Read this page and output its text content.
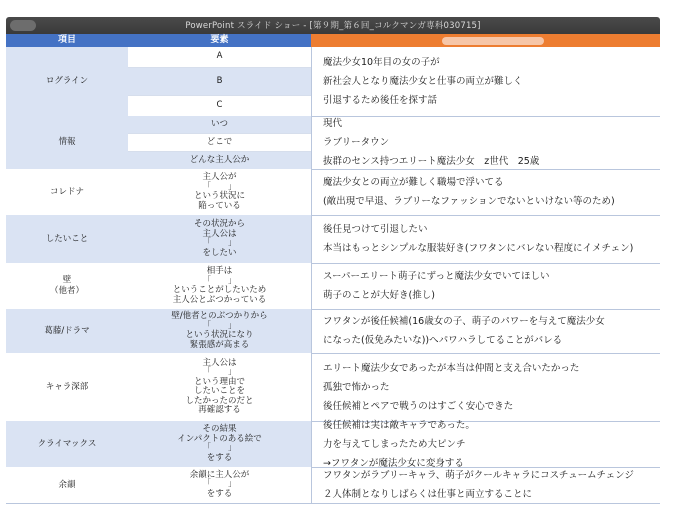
PowerPoint スライド ショー - [第９期_第６回_コルクマンガ専科030715]
項目	要素
ログライン
A
B
C
魔法少女10年目の女の子が
新社会人となり魔法少女と仕事の両立が難しく
引退するため後任を探す話
情報
いつ
どこで
どんな主人公か
現代
ラブリータウン
抜群のセンス持つエリート魔法少女　z世代　25歳
コレドナ
主人公が
「　　」
という状況に
陥っている
魔法少女との両立が難しく職場で浮いてる
(敵出現で早退、ラブリーなファッションでないといけない等のため)
したいこと
その状況から
主人公は
「　　」
をしたい
後任見つけて引退したい
本当はもっとシンプルな服装好き(フワタンにバレない程度にイメチェン)
壁
（他者）
相手は
「　　」
ということがしたいため
主人公とぶつかっている
スーパーエリート萌子にずっと魔法少女でいてほしい
萌子のことが大好き(推し)
葛藤/ドラマ
壁/他者とのぶつかりから
「　　」
という状況になり
緊張感が高まる
フワタンが後任候補(16歳女の子、萌子のパワーを与えて魔法少女
になった(仮免みたいな))へパワハラしてることがバレる
キャラ深部
主人公は
「　　」
という理由で
したいことを
したかったのだと
再確認する
エリート魔法少女であったが本当は仲間と支え合いたかった
孤独で怖かった
後任候補とペアで戦うのはすごく安心できた
クライマックス
その結果
インパクトのある絵で
「　　」
をする
後任候補は実は敵キャラであった。
力を与えてしまったため大ピンチ
→フワタンが魔法少女に変身する
余韻
余韻に主人公が
「　　」
をする
フワタンがラブリーキャラ、萌子がクールキャラにコスチュームチェンジ
２人体制となりしばらくは仕事と両立することに
